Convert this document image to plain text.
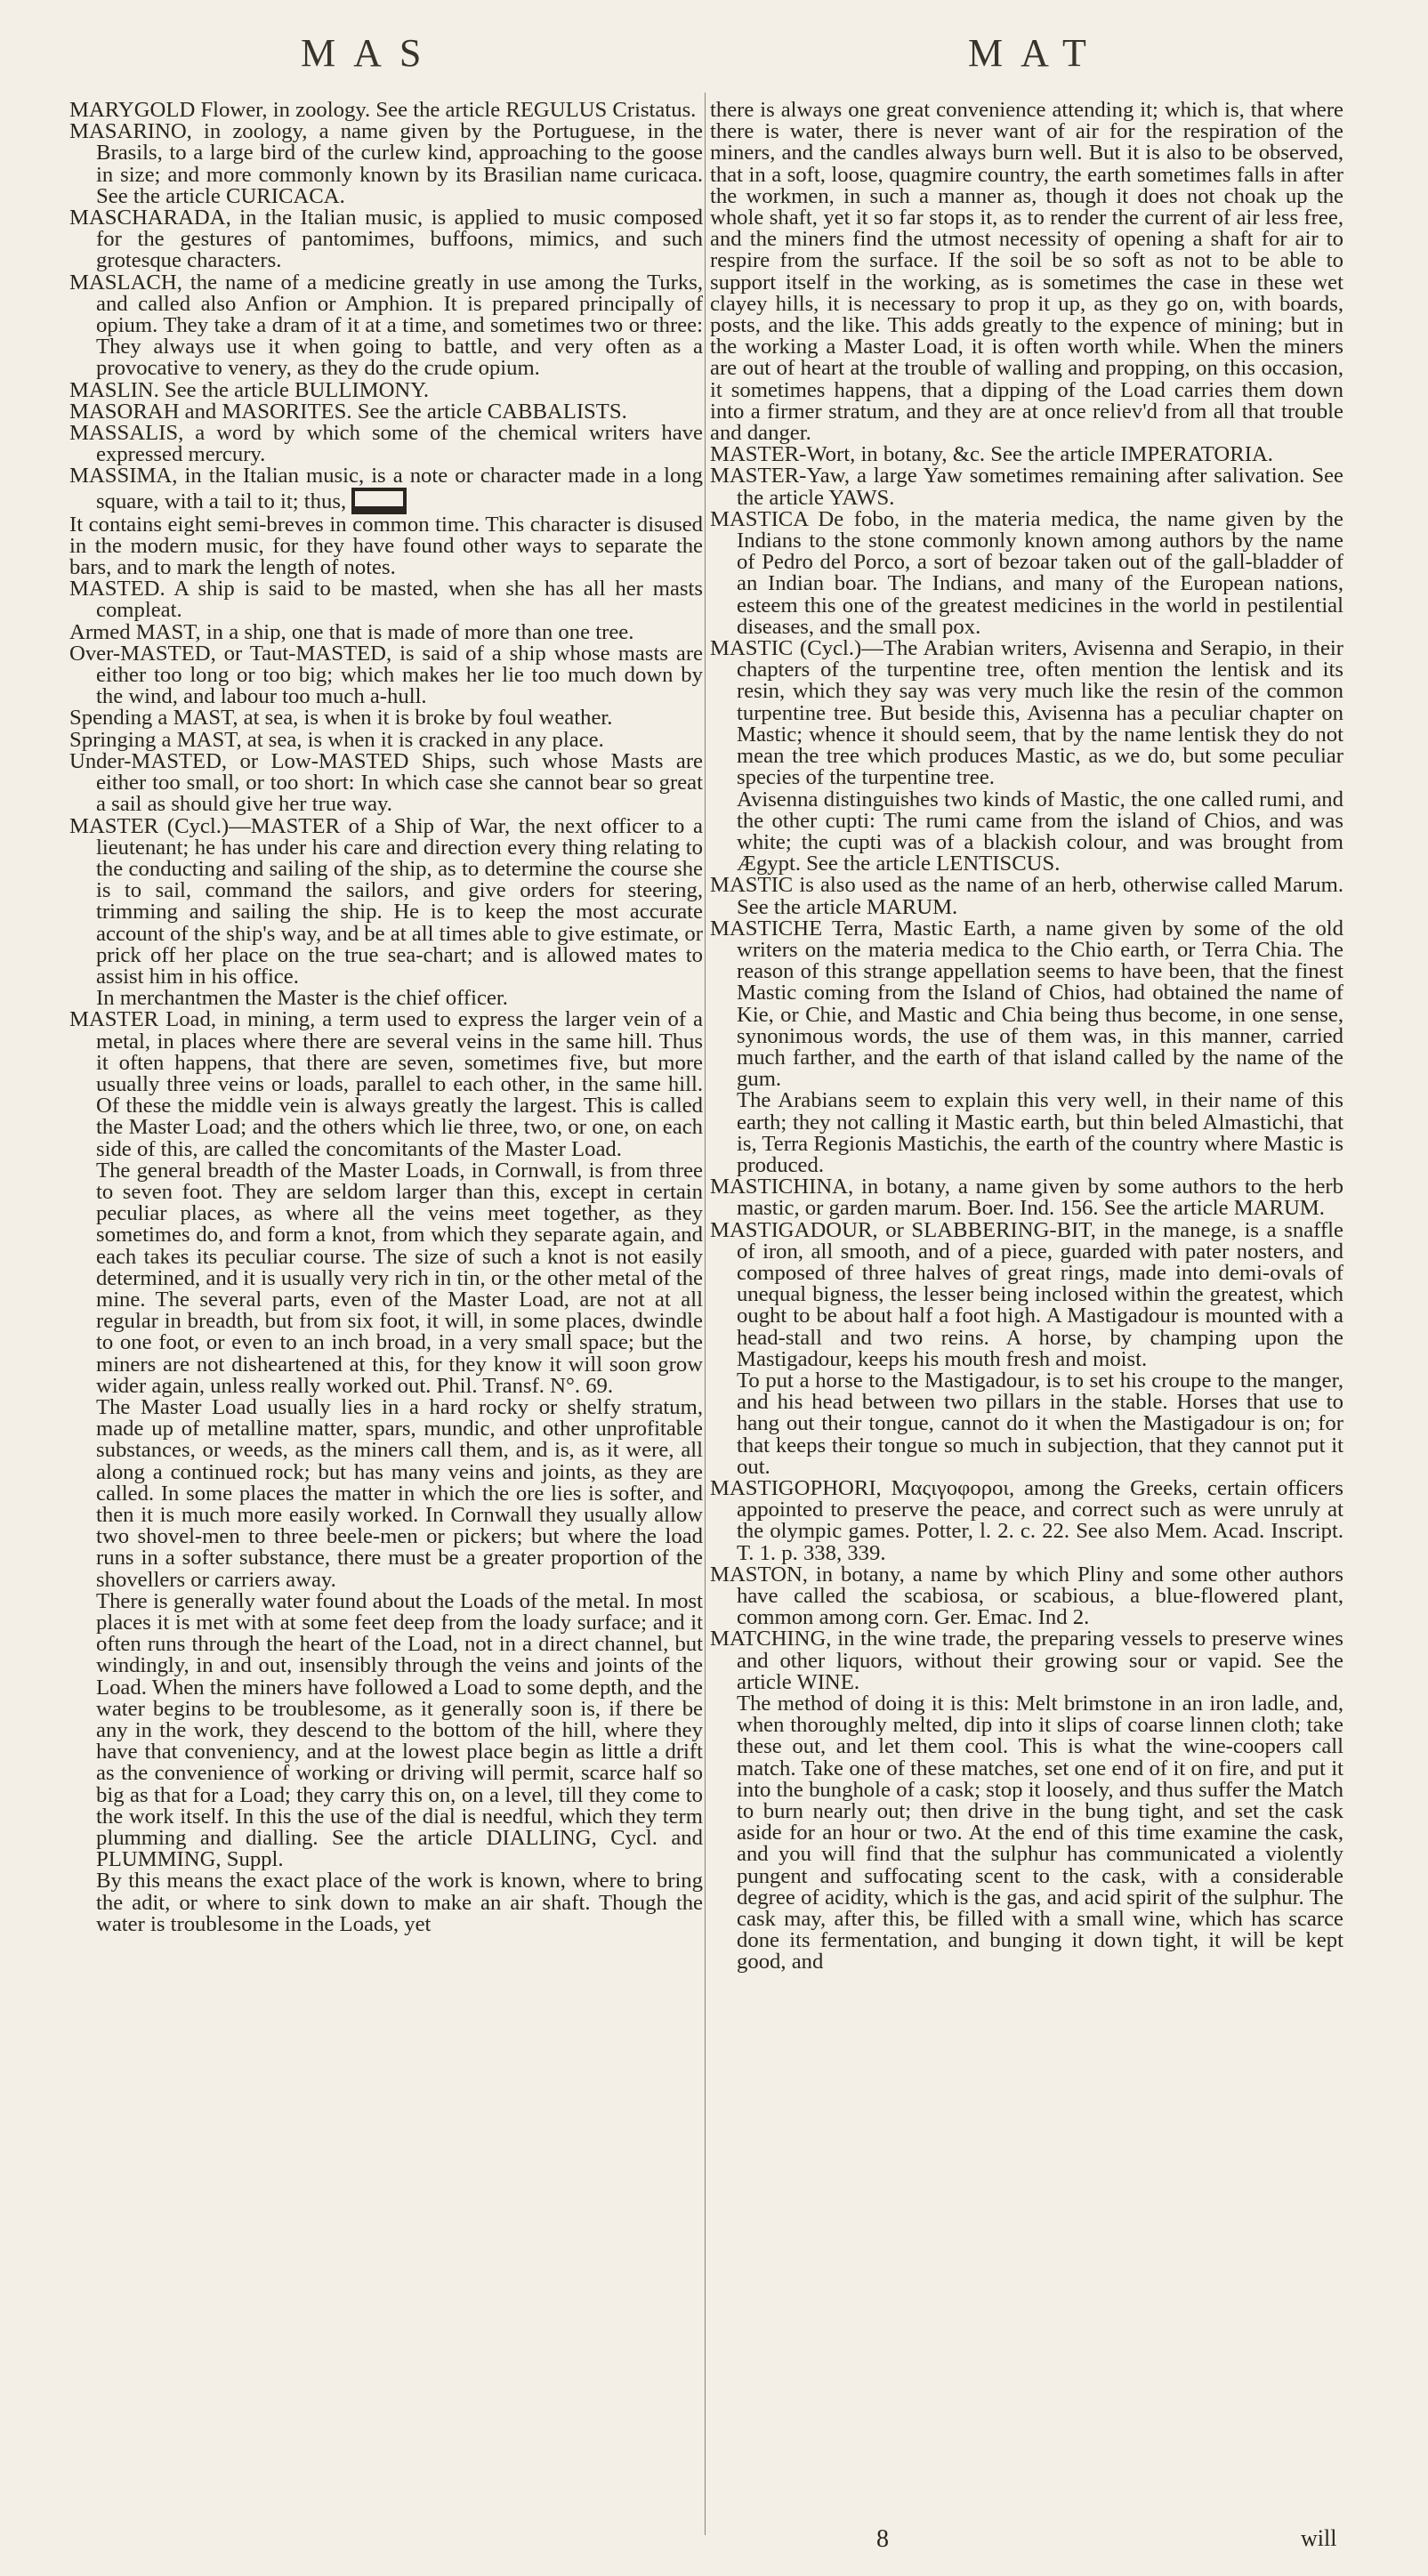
MAS	MAT

MARYGOLD Flower, in zoology. See the article REGULUS Cristatus.

MASARINO, in zoology, a name given by the Portuguese, in the Brasils, to a large bird of the curlew kind, approaching to the goose in size; and more commonly known by its Brasilian name curicaca. See the article CURICACA.

MASCHARADA, in the Italian music, is applied to music composed for the gestures of pantomimes, buffoons, mimics, and such grotesque characters.

MASLACH, the name of a medicine greatly in use among the Turks, and called also Anfion or Amphion. It is prepared principally of opium. They take a dram of it at a time, and sometimes two or three: They always use it when going to battle, and very often as a provocative to venery, as they do the crude opium.

MASLIN. See the article BULLIMONY.

MASORAH and MASORITES. See the article CABBALISTS.

MASSALIS, a word by which some of the chemical writers have expressed mercury.

MASSIMA, in the Italian music, is a note or character made in a long square, with a tail to it; thus,

It contains eight semi-breves in common time. This character is disused in the modern music, for they have found other ways to separate the bars, and to mark the length of notes.

MASTED. A ship is said to be masted, when she has all her masts compleat.

Armed MAST, in a ship, one that is made of more than one tree.

Over-MASTED, or Taut-MASTED, is said of a ship whose masts are either too long or too big; which makes her lie too much down by the wind, and labour too much a-hull.

Spending a MAST, at sea, is when it is broke by foul weather.

Springing a MAST, at sea, is when it is cracked in any place.

Under-MASTED, or Low-MASTED Ships, such whose Masts are either too small, or too short: In which case she cannot bear so great a sail as should give her true way.

MASTER (Cycl.)—MASTER of a Ship of War, the next officer to a lieutenant; he has under his care and direction every thing relating to the conducting and sailing of the ship, as to determine the course she is to sail, command the sailors, and give orders for steering, trimming and sailing the ship. He is to keep the most accurate account of the ship's way, and be at all times able to give estimate, or prick off her place on the true sea-chart; and is allowed mates to assist him in his office.

In merchantmen the Master is the chief officer.

MASTER Load, in mining, a term used to express the larger vein of a metal, in places where there are several veins in the same hill. Thus it often happens, that there are seven, sometimes five, but more usually three veins or loads, parallel to each other, in the same hill. Of these the middle vein is always greatly the largest. This is called the Master Load; and the others which lie three, two, or one, on each side of this, are called the concomitants of the Master Load.

The general breadth of the Master Loads, in Cornwall, is from three to seven foot. They are seldom larger than this, except in certain peculiar places, as where all the veins meet together, as they sometimes do, and form a knot, from which they separate again, and each takes its peculiar course. The size of such a knot is not easily determined, and it is usually very rich in tin, or the other metal of the mine. The several parts, even of the Master Load, are not at all regular in breadth, but from six foot, it will, in some places, dwindle to one foot, or even to an inch broad, in a very small space; but the miners are not disheartened at this, for they know it will soon grow wider again, unless really worked out. Phil. Transf. N°. 69.

The Master Load usually lies in a hard rocky or shelfy stratum, made up of metalline matter, spars, mundic, and other unprofitable substances, or weeds, as the miners call them, and is, as it were, all along a continued rock; but has many veins and joints, as they are called. In some places the matter in which the ore lies is softer, and then it is much more easily worked. In Cornwall they usually allow two shovel-men to three beele-men or pickers; but where the load runs in a softer substance, there must be a greater proportion of the shovellers or carriers away.

There is generally water found about the Loads of the metal. In most places it is met with at some feet deep from the loady surface; and it often runs through the heart of the Load, not in a direct channel, but windingly, in and out, insensibly through the veins and joints of the Load. When the miners have followed a Load to some depth, and the water begins to be troublesome, as it generally soon is, if there be any in the work, they descend to the bottom of the hill, where they have that conveniency, and at the lowest place begin as little a drift as the convenience of working or driving will permit, scarce half so big as that for a Load; they carry this on, on a level, till they come to the work itself. In this the use of the dial is needful, which they term plumming and dialling. See the article DIALLING, Cycl. and PLUMMING, Suppl.

By this means the exact place of the work is known, where to bring the adit, or where to sink down to make an air shaft. Though the water is troublesome in the Loads, yet

there is always one great convenience attending it; which is, that where there is water, there is never want of air for the respiration of the miners, and the candles always burn well. But it is also to be observed, that in a soft, loose, quagmire country, the earth sometimes falls in after the workmen, in such a manner as, though it does not choak up the whole shaft, yet it so far stops it, as to render the current of air less free, and the miners find the utmost necessity of opening a shaft for air to respire from the surface. If the soil be so soft as not to be able to support itself in the working, as is sometimes the case in these wet clayey hills, it is necessary to prop it up, as they go on, with boards, posts, and the like. This adds greatly to the expence of mining; but in the working a Master Load, it is often worth while. When the miners are out of heart at the trouble of walling and propping, on this occasion, it sometimes happens, that a dipping of the Load carries them down into a firmer stratum, and they are at once reliev'd from all that trouble and danger.

MASTER-Wort, in botany, &c. See the article IMPERATORIA.

MASTER-Yaw, a large Yaw sometimes remaining after salivation. See the article YAWS.

MASTICA De fobo, in the materia medica, the name given by the Indians to the stone commonly known among authors by the name of Pedro del Porco, a sort of bezoar taken out of the gall-bladder of an Indian boar. The Indians, and many of the European nations, esteem this one of the greatest medicines in the world in pestilential diseases, and the small pox.

MASTIC (Cycl.)—The Arabian writers, Avisenna and Serapio, in their chapters of the turpentine tree, often mention the lentisk and its resin, which they say was very much like the resin of the common turpentine tree. But beside this, Avisenna has a peculiar chapter on Mastic; whence it should seem, that by the name lentisk they do not mean the tree which produces Mastic, as we do, but some peculiar species of the turpentine tree.

Avisenna distinguishes two kinds of Mastic, the one called rumi, and the other cupti: The rumi came from the island of Chios, and was white; the cupti was of a blackish colour, and was brought from Ægypt. See the article LENTISCUS.

MASTIC is also used as the name of an herb, otherwise called Marum. See the article MARUM.

MASTICHE Terra, Mastic Earth, a name given by some of the old writers on the materia medica to the Chio earth, or Terra Chia. The reason of this strange appellation seems to have been, that the finest Mastic coming from the Island of Chios, had obtained the name of Kie, or Chie, and Mastic and Chia being thus become, in one sense, synonimous words, the use of them was, in this manner, carried much farther, and the earth of that island called by the name of the gum.

The Arabians seem to explain this very well, in their name of this earth; they not calling it Mastic earth, but thin beled Almastichi, that is, Terra Regionis Mastichis, the earth of the country where Mastic is produced.

MASTICHINA, in botany, a name given by some authors to the herb mastic, or garden marum. Boer. Ind. 156. See the article MARUM.

MASTIGADOUR, or SLABBERING-BIT, in the manege, is a snaffle of iron, all smooth, and of a piece, guarded with pater nosters, and composed of three halves of great rings, made into demi-ovals of unequal bigness, the lesser being inclosed within the greatest, which ought to be about half a foot high. A Mastigadour is mounted with a head-stall and two reins. A horse, by champing upon the Mastigadour, keeps his mouth fresh and moist.

To put a horse to the Mastigadour, is to set his croupe to the manger, and his head between two pillars in the stable. Horses that use to hang out their tongue, cannot do it when the Mastigadour is on; for that keeps their tongue so much in subjection, that they cannot put it out.

MASTIGOPHORI, Μαςιγοφοροι, among the Greeks, certain officers appointed to preserve the peace, and correct such as were unruly at the olympic games. Potter, l. 2. c. 22. See also Mem. Acad. Inscript. T. 1. p. 338, 339.

MASTON, in botany, a name by which Pliny and some other authors have called the scabiosa, or scabious, a blue-flowered plant, common among corn. Ger. Emac. Ind 2.

MATCHING, in the wine trade, the preparing vessels to preserve wines and other liquors, without their growing sour or vapid. See the article WINE.

The method of doing it is this: Melt brimstone in an iron ladle, and, when thoroughly melted, dip into it slips of coarse linnen cloth; take these out, and let them cool. This is what the wine-coopers call match. Take one of these matches, set one end of it on fire, and put it into the bunghole of a cask; stop it loosely, and thus suffer the Match to burn nearly out; then drive in the bung tight, and set the cask aside for an hour or two. At the end of this time examine the cask, and you will find that the sulphur has communicated a violently pungent and suffocating scent to the cask, with a considerable degree of acidity, which is the gas, and acid spirit of the sulphur. The cask may, after this, be filled with a small wine, which has scarce done its fermentation, and bunging it down tight, it will be kept good, and

8	will
